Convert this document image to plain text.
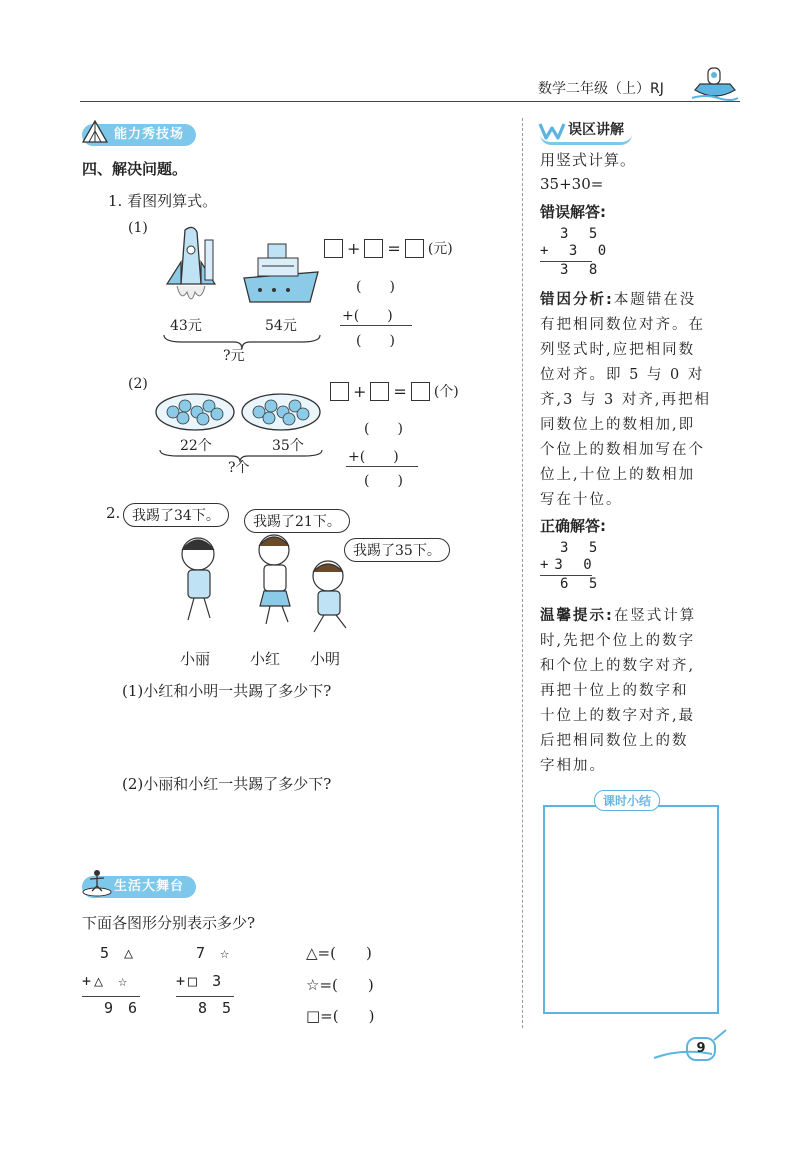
数学二年级（上）RJ
能力秀技场
四、解决问题。
1. 看图列算式。
(1)
43元	54元
?元
+ = (元)
(　　)
+(　　)
(　　)
(2)
22个	35个
?个
+ = (个)
(　　)
+(　　)
(　　)
2. 我踢了34下。	我踢了21下。
我踢了35下。
小丽	小红 小明
(1)小红和小明一共踢了多少下?
(2)小丽和小红一共踢了多少下?
生活大舞台
下面各图形分别表示多少?
5 △
+△ ☆
9 6
7 ☆
+□ 3
8 5
△=(　　)
☆=(　　)
□=(　　)
误区讲解
用竖式计算。
35+30=
错误解答:
3 5
+ 3 0
3 8
错因分析:本题错在没
有把相同数位对齐。在
列竖式时,应把相同数
位对齐。即 5 与 0 对
齐,3 与 3 对齐,再把相
同数位上的数相加,即
个位上的数相加写在个
位上,十位上的数相加
写在十位。
正确解答:
3 5
+3 0
6 5
温馨提示:在竖式计算
时,先把个位上的数字
和个位上的数字对齐,
再把十位上的数字和
十位上的数字对齐,最
后把相同数位上的数
字相加。
课时小结
9
